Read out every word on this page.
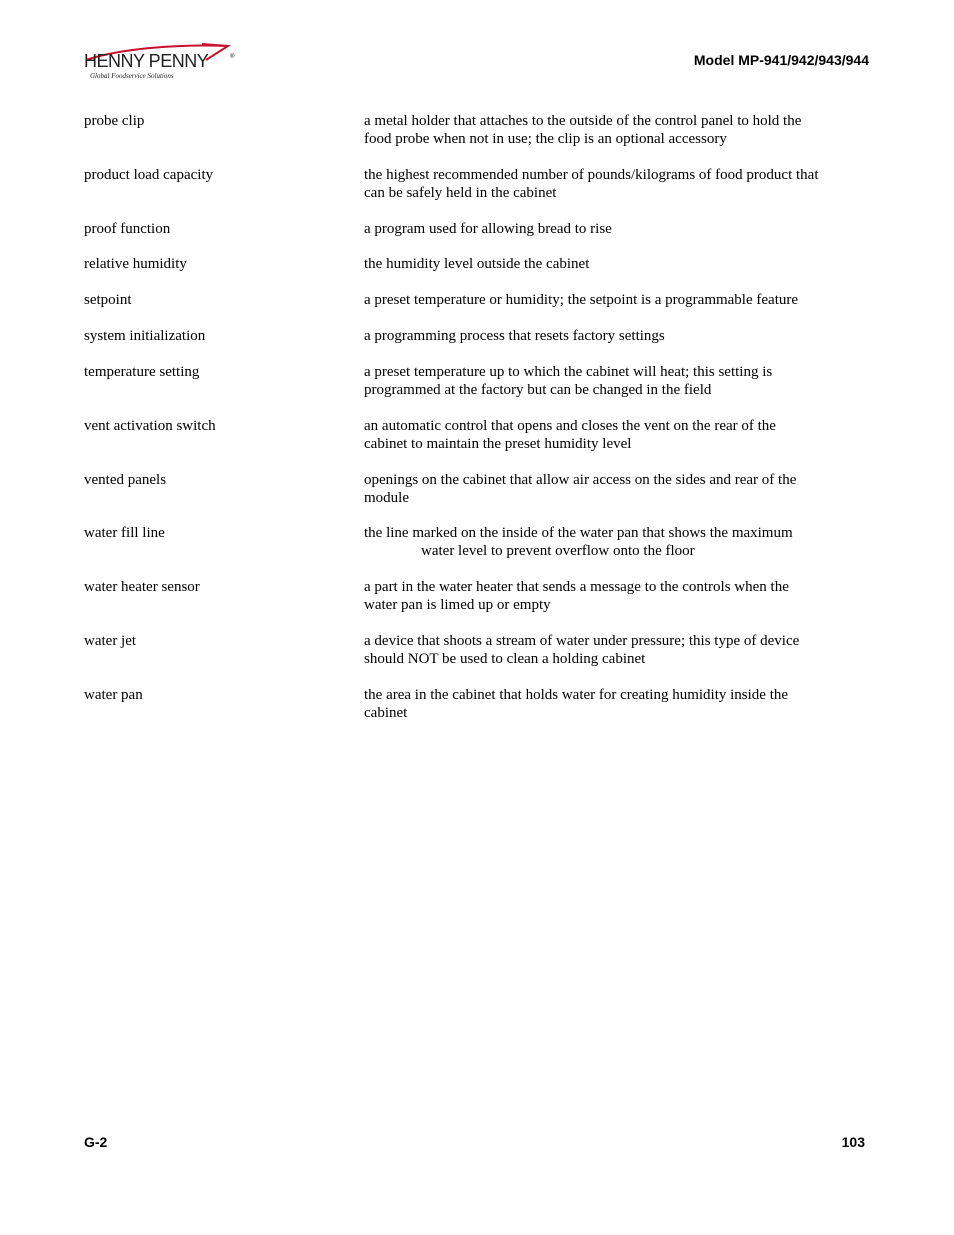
HENNY PENNY	®
Global Foodservice Solutions
Model MP-941/942/943/944
probe clip	a metal holder that attaches to the outside of the control panel to hold the
food probe when not in use; the clip is an optional accessory
product load capacity	the highest recommended number of pounds/kilograms of food product that
can be safely held in the cabinet
proof function	a program used for allowing bread to rise
relative humidity	the humidity level outside the cabinet
setpoint	a preset temperature or humidity; the setpoint is a programmable feature
system initialization	a programming process that resets factory settings
temperature setting	a preset temperature up to which the cabinet will heat; this setting is
programmed at the factory but can be changed in the field
vent activation switch	an automatic control that opens and closes the vent on the rear of the
cabinet to maintain the preset humidity level
vented panels	openings on the cabinet that allow air access on the sides and rear of the
module
water fill line	the line marked on the inside of the water pan that shows the maximum
water level to prevent overflow onto the floor
water heater sensor	a part in the water heater that sends a message to the controls when the
water pan is limed up or empty
water jet	a device that shoots a stream of water under pressure; this type of device
should NOT be used to clean a holding cabinet
water pan	the area in the cabinet that holds water for creating humidity inside the
cabinet
G-2	103
